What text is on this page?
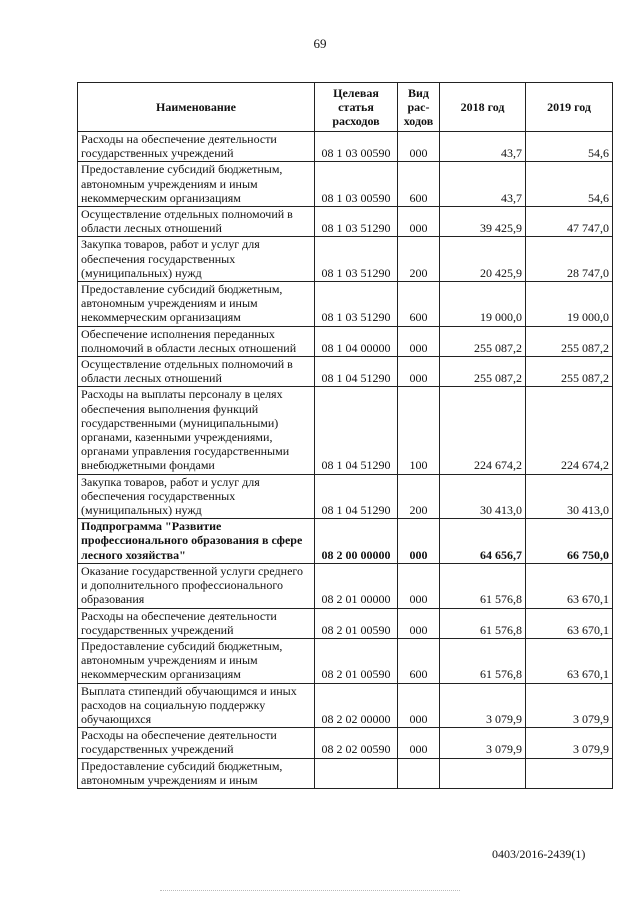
69
Наименование	Целевая статья расходов	Вид рас-ходов	2018 год	2019 год
Расходы на обеспечение деятельности государственных учреждений	08 1 03 00590	000	43,7	54,6
Предоставление субсидий бюджетным, автономным учреждениям и иным некоммерческим организациям	08 1 03 00590	600	43,7	54,6
Осуществление отдельных полномочий в области лесных отношений	08 1 03 51290	000	39 425,9	47 747,0
Закупка товаров, работ и услуг для обеспечения государственных (муниципальных) нужд	08 1 03 51290	200	20 425,9	28 747,0
Предоставление субсидий бюджетным, автономным учреждениям и иным некоммерческим организациям	08 1 03 51290	600	19 000,0	19 000,0
Обеспечение исполнения переданных полномочий в области лесных отношений	08 1 04 00000	000	255 087,2	255 087,2
Осуществление отдельных полномочий в области лесных отношений	08 1 04 51290	000	255 087,2	255 087,2
Расходы на выплаты персоналу в целях обеспечения выполнения функций государственными (муниципальными) органами, казенными учреждениями, органами управления государственными внебюджетными фондами	08 1 04 51290	100	224 674,2	224 674,2
Закупка товаров, работ и услуг для обеспечения государственных (муниципальных) нужд	08 1 04 51290	200	30 413,0	30 413,0
Подпрограмма "Развитие профессионального образования в сфере лесного хозяйства"	08 2 00 00000	000	64 656,7	66 750,0
Оказание государственной услуги среднего и дополнительного профессионального образования	08 2 01 00000	000	61 576,8	63 670,1
Расходы на обеспечение деятельности государственных учреждений	08 2 01 00590	000	61 576,8	63 670,1
Предоставление субсидий бюджетным, автономным учреждениям и иным некоммерческим организациям	08 2 01 00590	600	61 576,8	63 670,1
Выплата стипендий обучающимся и иных расходов на социальную поддержку обучающихся	08 2 02 00000	000	3 079,9	3 079,9
Расходы на обеспечение деятельности государственных учреждений	08 2 02 00590	000	3 079,9	3 079,9
Предоставление субсидий бюджетным, автономным учреждениям и иным				
0403/2016-2439(1)
